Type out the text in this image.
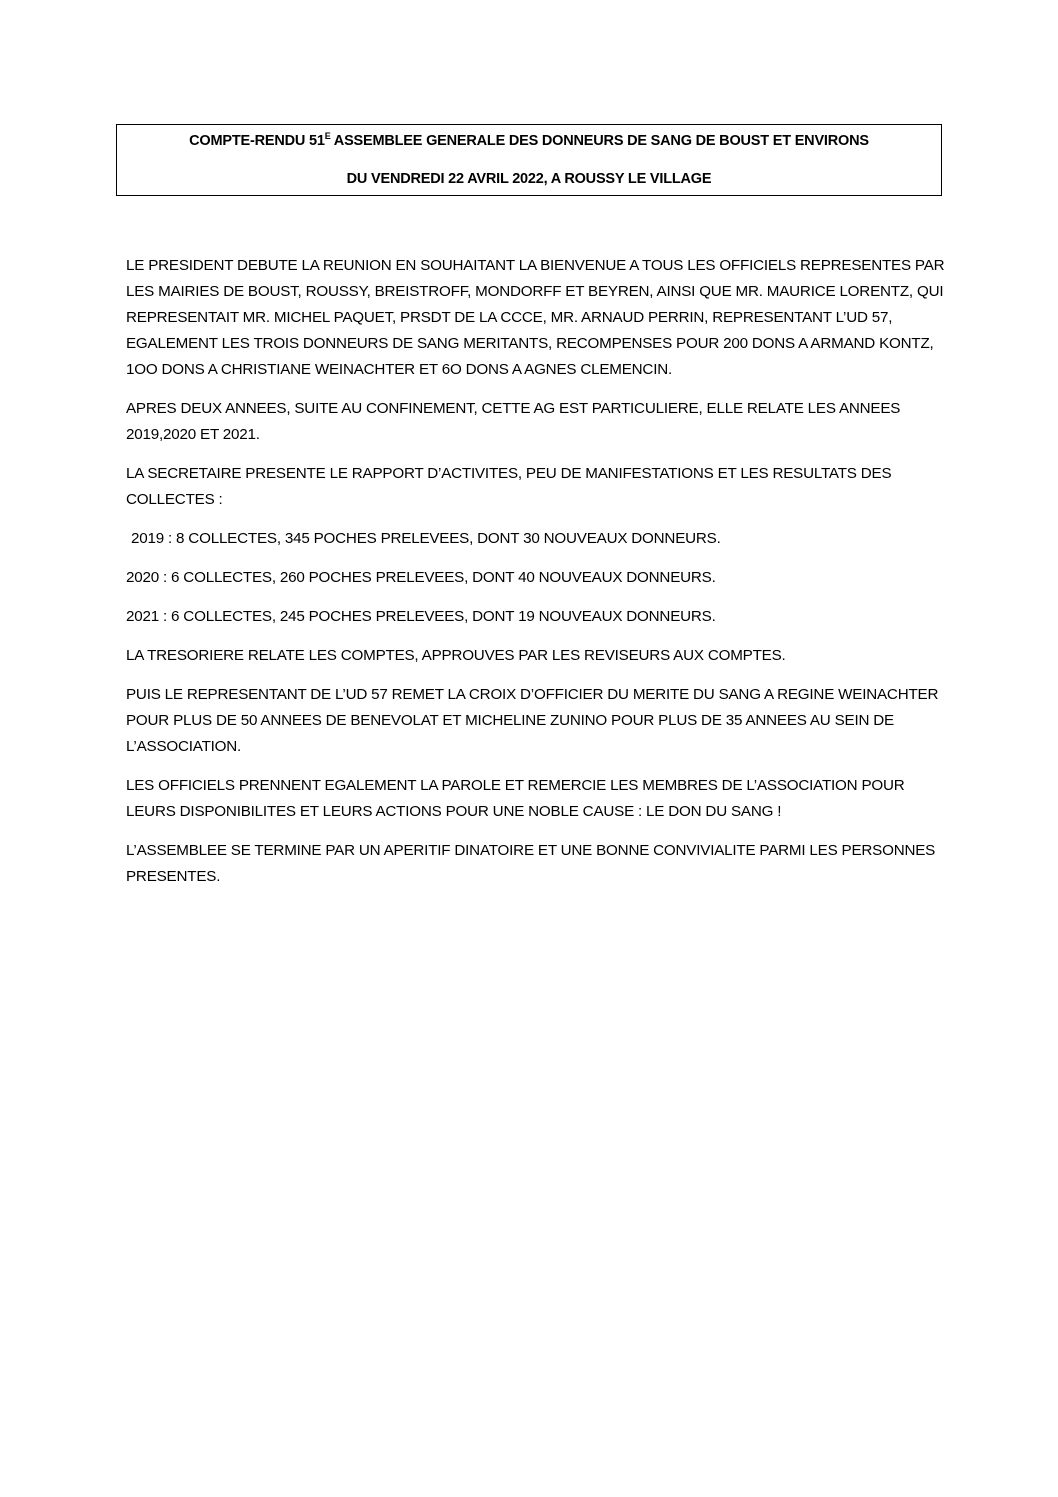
COMPTE-RENDU $51^E$ ASSEMBLEE GENERALE DES DONNEURS DE SANG DE BOUST ET ENVIRONS
DU VENDREDI 22 AVRIL 2022, A ROUSSY LE VILLAGE

LE PRESIDENT DEBUTE LA REUNION EN SOUHAITANT LA BIENVENUE A TOUS LES OFFICIELS REPRESENTES PAR LES MAIRIES DE BOUST, ROUSSY, BREISTROFF, MONDORFF ET BEYREN, AINSI QUE MR. MAURICE LORENTZ, QUI REPRESENTAIT MR. MICHEL PAQUET, PRSDT DE LA CCCE, MR. ARNAUD PERRIN, REPRESENTANT L’UD 57, EGALEMENT LES TROIS DONNEURS DE SANG MERITANTS, RECOMPENSES POUR 200 DONS A ARMAND KONTZ, 1OO DONS A CHRISTIANE WEINACHTER ET 6O DONS A AGNES CLEMENCIN.

APRES DEUX ANNEES, SUITE AU CONFINEMENT, CETTE AG EST PARTICULIERE, ELLE RELATE LES ANNEES 2019,2020 ET 2021.

LA SECRETAIRE PRESENTE LE RAPPORT D’ACTIVITES, PEU DE MANIFESTATIONS ET LES RESULTATS DES COLLECTES :

2019 : 8 COLLECTES, 345 POCHES PRELEVEES, DONT 30 NOUVEAUX DONNEURS.

2020 : 6 COLLECTES, 260 POCHES PRELEVEES, DONT 40 NOUVEAUX DONNEURS.

2021 : 6 COLLECTES, 245 POCHES PRELEVEES, DONT 19 NOUVEAUX DONNEURS.

LA TRESORIERE RELATE LES COMPTES, APPROUVES PAR LES REVISEURS AUX COMPTES.

PUIS LE REPRESENTANT DE L’UD 57 REMET LA CROIX D’OFFICIER DU MERITE DU SANG A REGINE WEINACHTER POUR PLUS DE 50 ANNEES DE BENEVOLAT ET MICHELINE ZUNINO POUR PLUS DE 35 ANNEES AU SEIN DE L’ASSOCIATION.

LES OFFICIELS PRENNENT EGALEMENT LA PAROLE ET REMERCIE LES MEMBRES DE L’ASSOCIATION POUR LEURS DISPONIBILITES ET LEURS ACTIONS POUR UNE NOBLE CAUSE : LE DON DU SANG !

L’ASSEMBLEE SE TERMINE PAR UN APERITIF DINATOIRE ET UNE BONNE CONVIVIALITE PARMI LES PERSONNES PRESENTES.
